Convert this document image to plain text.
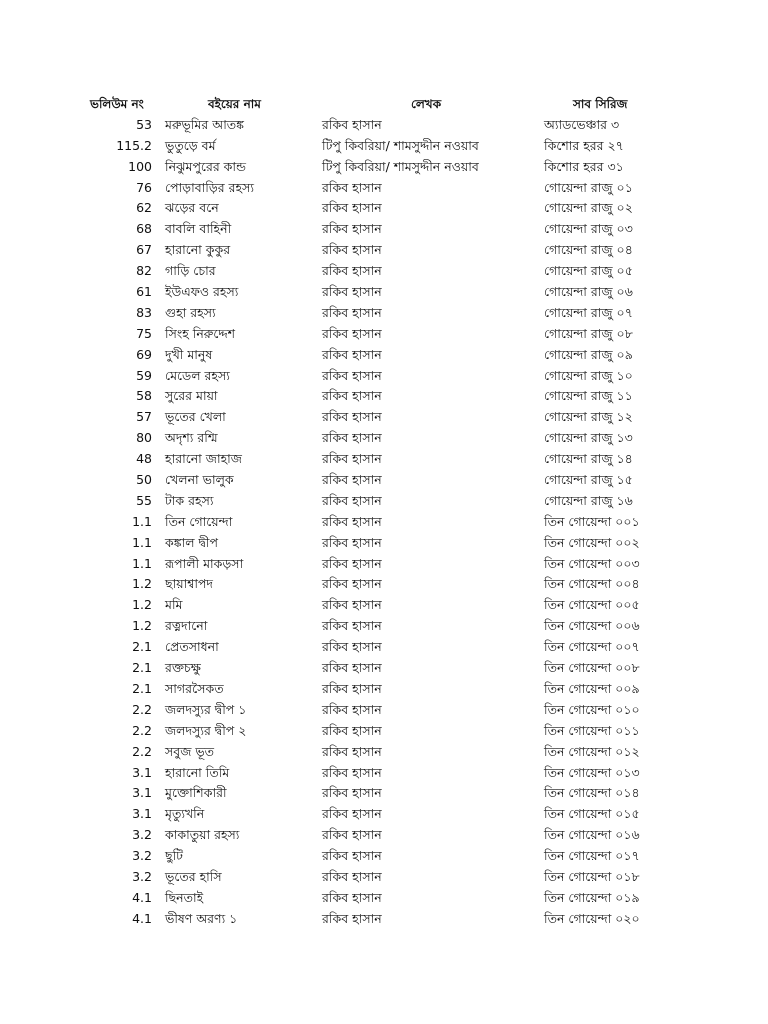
ভলিউম নং	বইয়ের নাম	লেখক	সাব সিরিজ
53 মরুভূমির আতঙ্ক	রকিব হাসান	অ্যাডভেঞ্চার ৩
115.2 ভুতুড়ে বর্ম	টিপু কিবরিয়া/ শামসুদ্দীন নওয়াব	কিশোর হরর ২৭
100 নিঝুমপুরের কান্ড	টিপু কিবরিয়া/ শামসুদ্দীন নওয়াব	কিশোর হরর ৩১
76 পোড়াবাড়ির রহস্য	রকিব হাসান	গোয়েন্দা রাজু ০১
62 ঝড়ের বনে	রকিব হাসান	গোয়েন্দা রাজু ০২
68 বাবলি বাহিনী	রকিব হাসান	গোয়েন্দা রাজু ০৩
67 হারানো কুকুর	রকিব হাসান	গোয়েন্দা রাজু ০৪
82 গাড়ি চোর	রকিব হাসান	গোয়েন্দা রাজু ০৫
61 ইউএফও রহস্য	রকিব হাসান	গোয়েন্দা রাজু ০৬
83 গুহা রহস্য	রকিব হাসান	গোয়েন্দা রাজু ০৭
75 সিংহ নিরুদ্দেশ	রকিব হাসান	গোয়েন্দা রাজু ০৮
69 দুখী মানুষ	রকিব হাসান	গোয়েন্দা রাজু ০৯
59 মেডেল রহস্য	রকিব হাসান	গোয়েন্দা রাজু ১০
58 সুরের মায়া	রকিব হাসান	গোয়েন্দা রাজু ১১
57 ভূতের খেলা	রকিব হাসান	গোয়েন্দা রাজু ১২
80 অদৃশ্য রশ্মি	রকিব হাসান	গোয়েন্দা রাজু ১৩
48 হারানো জাহাজ	রকিব হাসান	গোয়েন্দা রাজু ১৪
50 খেলনা ভালুক	রকিব হাসান	গোয়েন্দা রাজু ১৫
55 টাক রহস্য	রকিব হাসান	গোয়েন্দা রাজু ১৬
1.1 তিন গোয়েন্দা	রকিব হাসান	তিন গোয়েন্দা ০০১
1.1 কঙ্কাল দ্বীপ	রকিব হাসান	তিন গোয়েন্দা ০০২
1.1 রূপালী মাকড়সা	রকিব হাসান	তিন গোয়েন্দা ০০৩
1.2 ছায়াশ্বাপদ	রকিব হাসান	তিন গোয়েন্দা ০০৪
1.2 মমি	রকিব হাসান	তিন গোয়েন্দা ০০৫
1.2 রত্নদানো	রকিব হাসান	তিন গোয়েন্দা ০০৬
2.1 প্রেতসাধনা	রকিব হাসান	তিন গোয়েন্দা ০০৭
2.1 রক্তচক্ষু	রকিব হাসান	তিন গোয়েন্দা ০০৮
2.1 সাগরসৈকত	রকিব হাসান	তিন গোয়েন্দা ০০৯
2.2 জলদস্যুর দ্বীপ ১	রকিব হাসান	তিন গোয়েন্দা ০১০
2.2 জলদস্যুর দ্বীপ ২	রকিব হাসান	তিন গোয়েন্দা ০১১
2.2 সবুজ ভূত	রকিব হাসান	তিন গোয়েন্দা ০১২
3.1 হারানো তিমি	রকিব হাসান	তিন গোয়েন্দা ০১৩
3.1 মুক্তোশিকারী	রকিব হাসান	তিন গোয়েন্দা ০১৪
3.1 মৃত্যুখনি	রকিব হাসান	তিন গোয়েন্দা ০১৫
3.2 কাকাতুয়া রহস্য	রকিব হাসান	তিন গোয়েন্দা ০১৬
3.2 ছুটি	রকিব হাসান	তিন গোয়েন্দা ০১৭
3.2 ভূতের হাসি	রকিব হাসান	তিন গোয়েন্দা ০১৮
4.1 ছিনতাই	রকিব হাসান	তিন গোয়েন্দা ০১৯
4.1 ভীষণ অরণ্য ১	রকিব হাসান	তিন গোয়েন্দা ০২০
